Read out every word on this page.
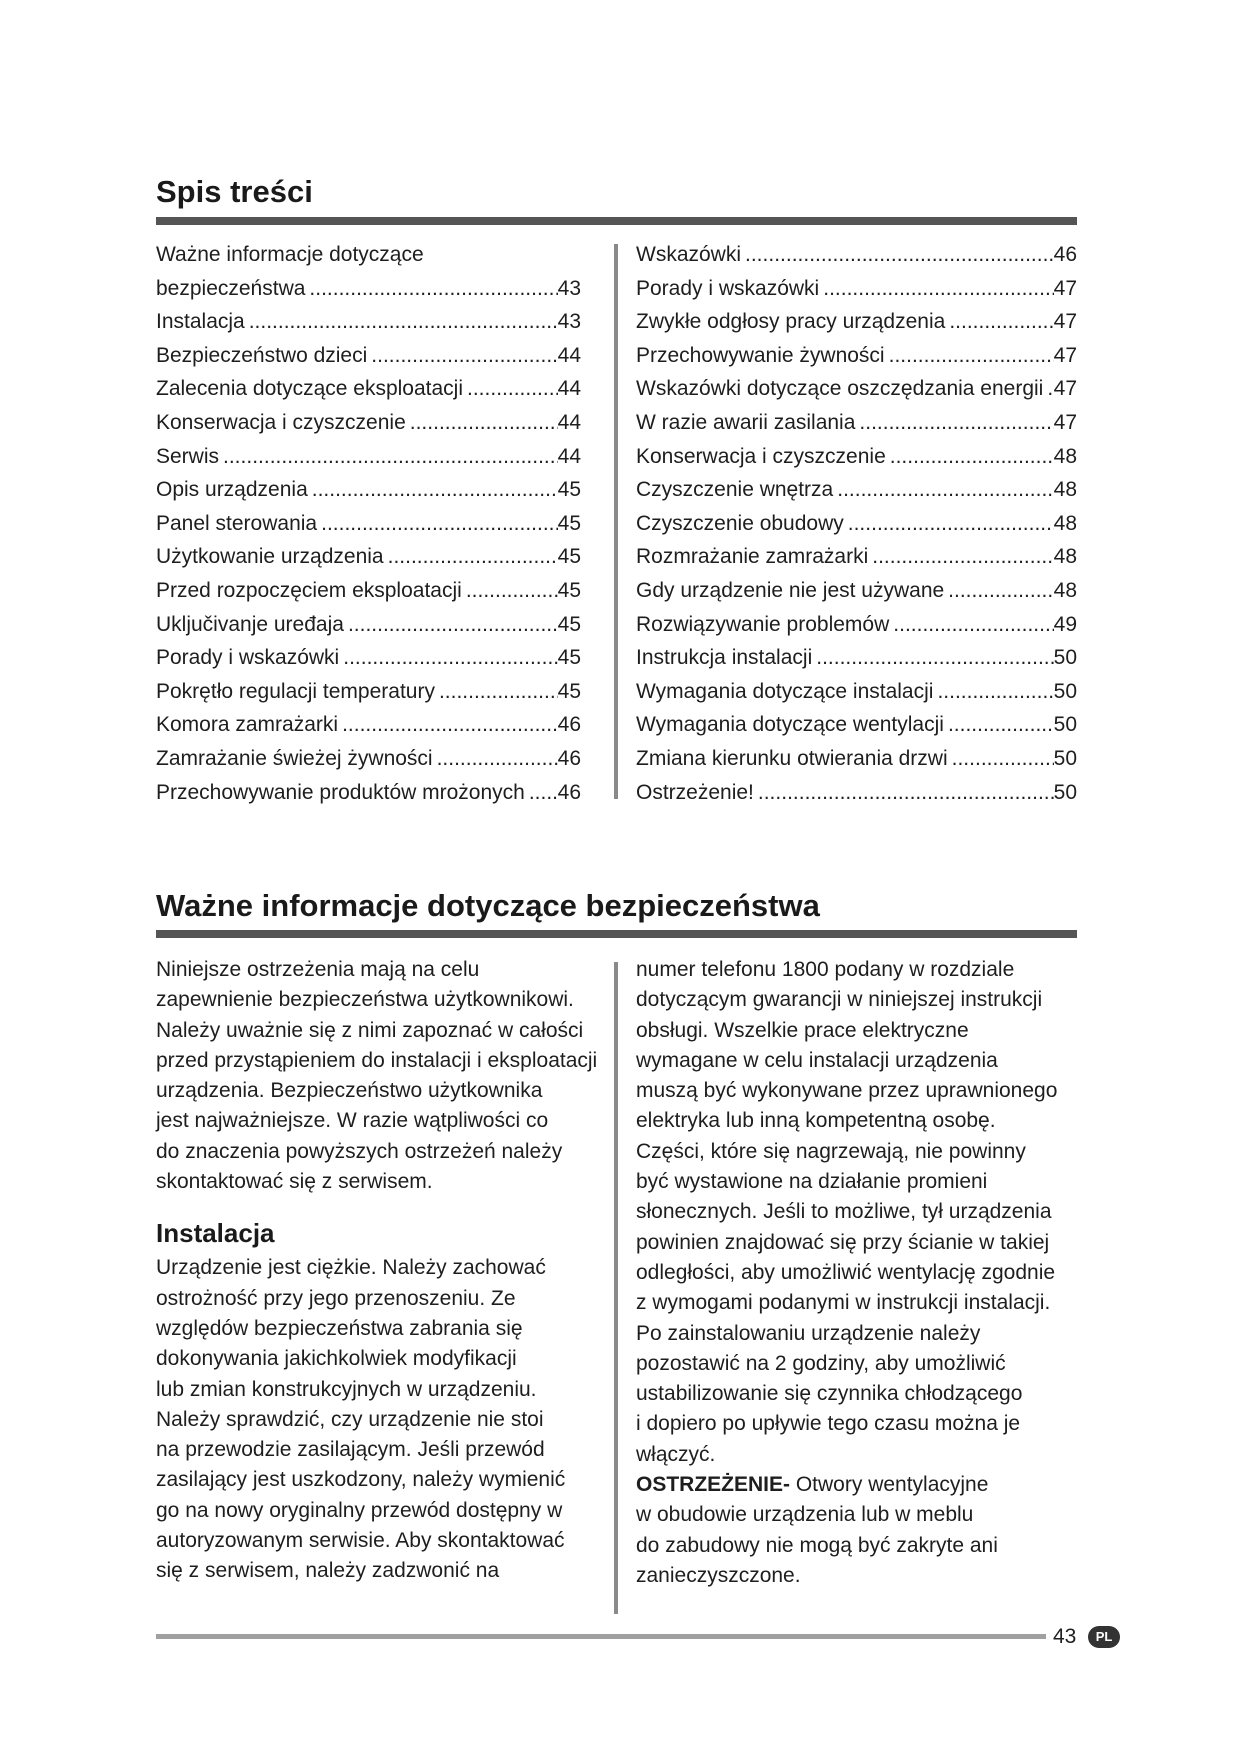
Spis treści
Ważne informacje dotyczące
bezpieczeństwa .....	43
Instalacja .....	43
Bezpieczeństwo dzieci .....	44
Zalecenia dotyczące eksploatacji .....	44
Konserwacja i czyszczenie .....	44
Serwis .....	44
Opis urządzenia .....	45
Panel sterowania .....	45
Użytkowanie urządzenia .....	45
Przed rozpoczęciem eksploatacji .....	45
Uključivanje uređaja .....	45
Porady i wskazówki .....	45
Pokrętło regulacji temperatury .....	45
Komora zamrażarki .....	46
Zamrażanie świeżej żywności .....	46
Przechowywanie produktów mrożonych ..... 46
Wskazówki .....	46
Porady i wskazówki .....	47
Zwykłe odgłosy pracy urządzenia .....	47
Przechowywanie żywności .....	47
Wskazówki dotyczące oszczędzania energii ..... 47
W razie awarii zasilania .....	47
Konserwacja i czyszczenie .....	48
Czyszczenie wnętrza .....	48
Czyszczenie obudowy .....	48
Rozmrażanie zamrażarki .....	48
Gdy urządzenie nie jest używane .....	48
Rozwiązywanie problemów .....	49
Instrukcja instalacji .....	50
Wymagania dotyczące instalacji .....	50
Wymagania dotyczące wentylacji .....	50
Zmiana kierunku otwierania drzwi .....	50
Ostrzeżenie! .....	50
Ważne informacje dotyczące bezpieczeństwa

Niniejsze ostrzeżenia mają na celu

zapewnienie bezpieczeństwa użytkownikowi.

Należy uważnie się z nimi zapoznać w całości

przed przystąpieniem do instalacji i eksploatacji

urządzenia. Bezpieczeństwo użytkownika

jest najważniejsze. W razie wątpliwości co

do znaczenia powyższych ostrzeżeń należy

skontaktować się z serwisem.

Instalacja

Urządzenie jest ciężkie. Należy zachować

ostrożność przy jego przenoszeniu. Ze

względów bezpieczeństwa zabrania się

dokonywania jakichkolwiek modyfikacji

lub zmian konstrukcyjnych w urządzeniu.

Należy sprawdzić, czy urządzenie nie stoi

na przewodzie zasilającym. Jeśli przewód

zasilający jest uszkodzony, należy wymienić

go na nowy oryginalny przewód dostępny w

autoryzowanym serwisie. Aby skontaktować

się z serwisem, należy zadzwonić na

numer telefonu 1800 podany w rozdziale

dotyczącym gwarancji w niniejszej instrukcji

obsługi. Wszelkie prace elektryczne

wymagane w celu instalacji urządzenia

muszą być wykonywane przez uprawnionego

elektryka lub inną kompetentną osobę.

Części, które się nagrzewają, nie powinny

być wystawione na działanie promieni

słonecznych. Jeśli to możliwe, tył urządzenia

powinien znajdować się przy ścianie w takiej

odległości, aby umożliwić wentylację zgodnie

z wymogami podanymi w instrukcji instalacji.

Po zainstalowaniu urządzenie należy

pozostawić na 2 godziny, aby umożliwić

ustabilizowanie się czynnika chłodzącego

i dopiero po upływie tego czasu można je

włączyć.

OSTRZEŻENIE- Otwory wentylacyjne

w obudowie urządzenia lub w meblu

do zabudowy nie mogą być zakryte ani

zanieczyszczone.

43	PL
